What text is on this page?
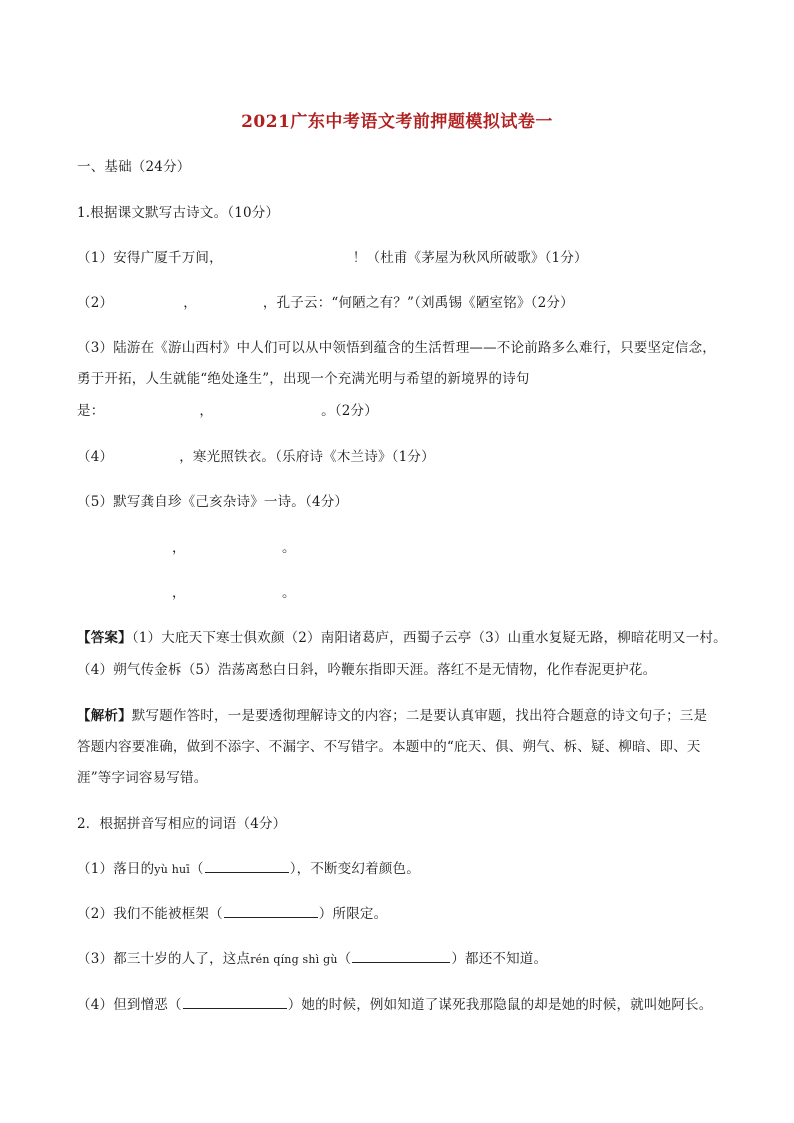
2021广东中考语文考前押题模拟试卷一
一、基础（24分）
1.根据课文默写古诗文。（10分）
（1）安得广厦千万间，	！（杜甫《茅屋为秋风所破歌》（1分）
（2）	，	，孔子云：“何陋之有？”（刘禹锡《陋室铭》（2分）
（3）陆游在《游山西村》中人们可以从中领悟到蕴含的生活哲理——不论前路多么难行，只要坚定信念，
勇于开拓，人生就能“绝处逢生”，出现一个充满光明与希望的新境界的诗句
是：	，	。（2分）
（4）	，寒光照铁衣。（乐府诗《木兰诗》（1分）
（5）默写龚自珍《己亥杂诗》一诗。（4分）
，	。
，	。
【答案】（1）大庇天下寒士俱欢颜（2）南阳诸葛庐，西蜀子云亭（3）山重水复疑无路，柳暗花明又一村。
（4）朔气传金柝（5）浩荡离愁白日斜，吟鞭东指即天涯。落红不是无情物，化作春泥更护花。
【解析】默写题作答时，一是要透彻理解诗文的内容；二是要认真审题，找出符合题意的诗文句子；三是
答题内容要准确，做到不添字、不漏字、不写错字。本题中的“庇天、俱、朔气、柝、疑、柳暗、即、天
涯”等字词容易写错。
2．根据拼音写相应的词语（4分）
（1）落日的yù huī（	），不断变幻着颜色。
（2）我们不能被框架（	）所限定。
（3）都三十岁的人了，这点rén qíng shì gù（	）都还不知道。
（4）但到憎恶（	）她的时候，例如知道了谋死我那隐鼠的却是她的时候，就叫她阿长。
